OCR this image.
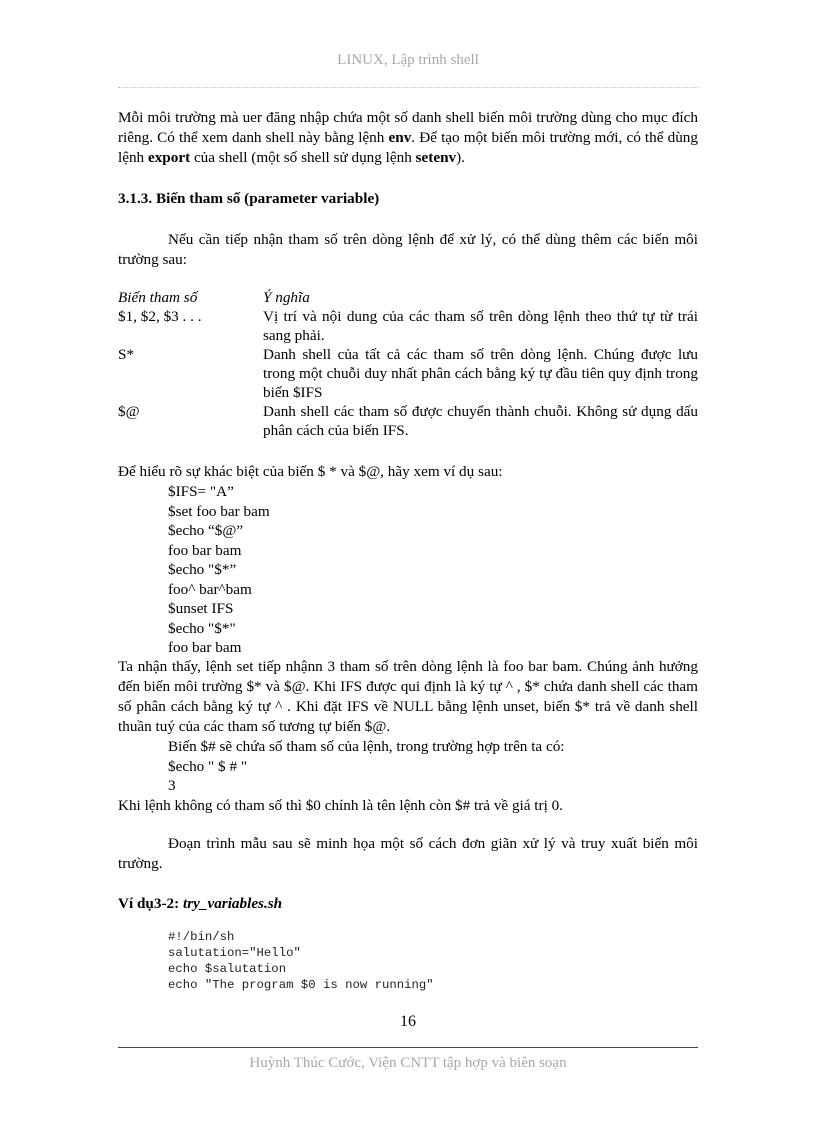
LINUX, Lập trình shell

Mỗi môi trường mà uer đăng nhập chứa một số danh shell biến môi trường dùng cho mục đích riêng. Có thể xem danh shell này bằng lệnh env. Để tạo một biến môi trường mới, có thể dùng lệnh export của shell (một số shell sử dụng lệnh setenv).

3.1.3. Biến tham số (parameter variable)

Nếu cần tiếp nhận tham số trên dòng lệnh để xử lý, có thể dùng thêm các biến môi trường sau:

Biến tham số	Ý nghĩa
$1, $2, $3 . . .	Vị trí và nội dung của các tham số trên dòng lệnh theo thứ tự từ trái sang phải.
S*	Danh shell của tất cả các tham số trên dòng lệnh. Chúng được lưu trong một chuỗi duy nhất phân cách bằng ký tự đầu tiên quy định trong biến $IFS
$@	Danh shell các tham số được chuyển thành chuỗi. Không sử dụng dấu phân cách của biến IFS.
Để hiểu rõ sự khác biệt của biến $ * và $@, hãy xem ví dụ sau:
$IFS= "A”
$set foo bar bam
$echo “$@”
foo bar bam
$echo "$*”
foo^ bar^bam
$unset IFS
$echo "$*"
foo bar bam

Ta nhận thấy, lệnh set tiếp nhậnn 3 tham số trên dòng lệnh là foo bar bam. Chúng ảnh hưởng đến biến môi trường $* và $@. Khi IFS được qui định là ký tự ^ , $* chứa danh shell các tham số phân cách bằng ký tự ^ . Khi đặt IFS về NULL bằng lệnh unset, biến $* trả về danh shell thuần tuý của các tham số tương tự biến $@.

Biến $# sẽ chứa số tham số của lệnh, trong trường hợp trên ta có:
$echo " $ # "
3
Khi lệnh không có tham số thì $0 chính là tên lệnh còn $# trả về giá trị 0.

Đoạn trình mẫu sau sẽ minh họa một số cách đơn giãn xử lý và truy xuất biến môi trường.

Ví dụ3-2: try_variables.sh
#!/bin/sh
salutation="Hello"
echo $salutation
echo "The program $0 is now running"
16
Huỳnh Thúc Cước, Viện CNTT tập hợp và biên soạn
